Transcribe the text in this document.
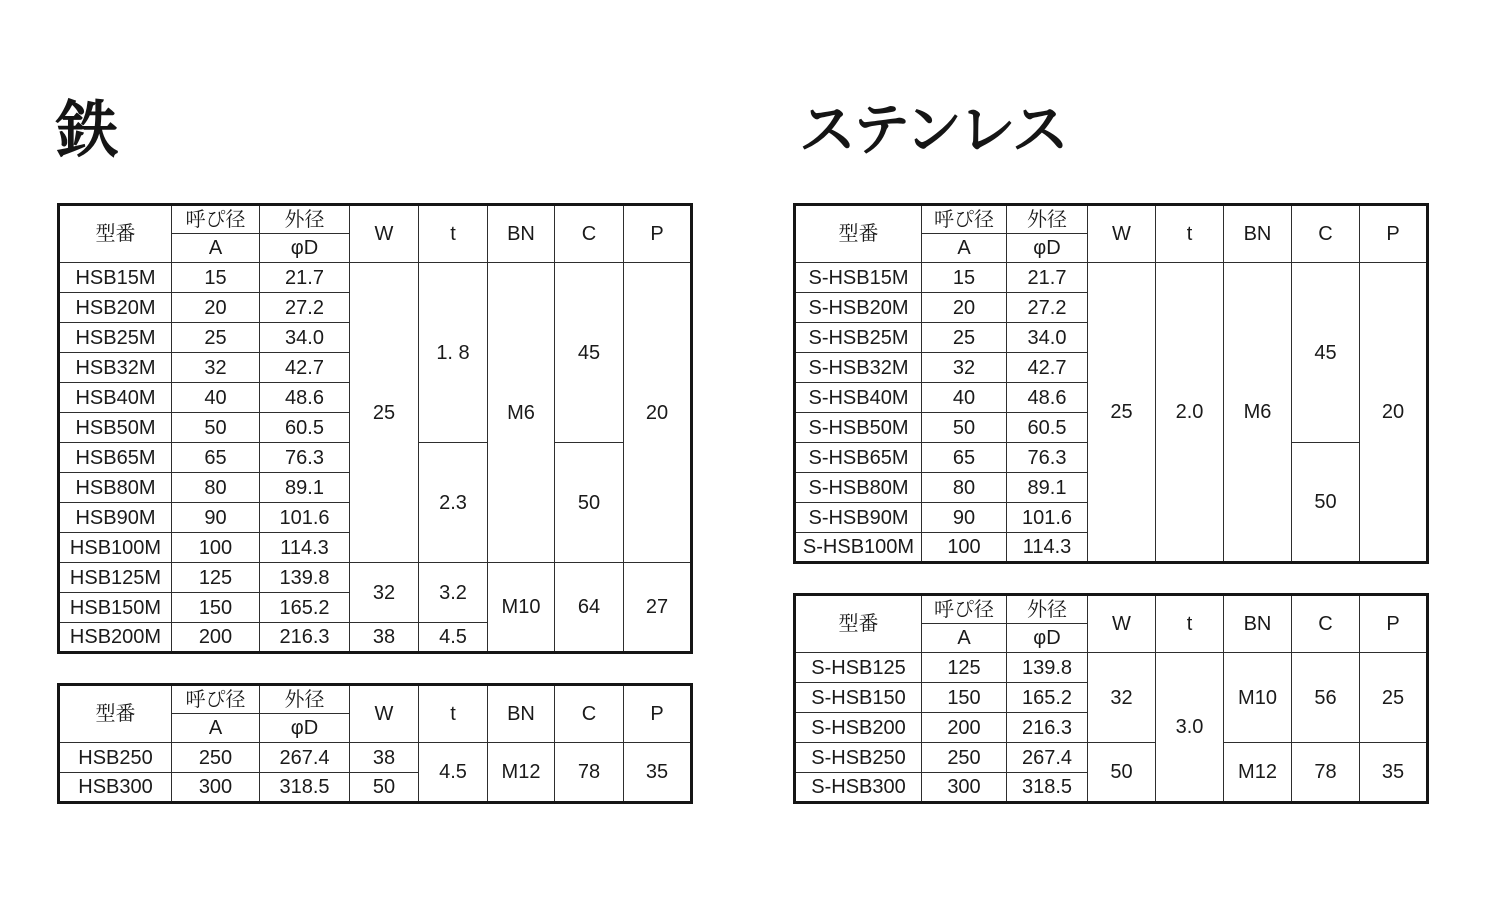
鉄	ステンレス
型番	呼ぴ径	外径	W	t	BN	C	P
	A	φD					
HSB15M	15	21.7	25	1. 8	M6	45	20
HSB20M	20	27.2					
HSB25M	25	34.0					
HSB32M	32	42.7					
HSB40M	40	48.6					
HSB50M	50	60.5					
HSB65M	65	76.3		2.3		50	
HSB80M	80	89.1					
HSB90M	90	101.6					
HSB100M	100	114.3					
HSB125M	125	139.8	32	3.2	M10	64	27
HSB150M	150	165.2					
HSB200M	200	216.3	38	4.5			
型番	呼ぴ径	外径	W	t	BN	C	P
	A	φD					
HSB250	250	267.4	38	4.5	M12	78	35
HSB300	300	318.5	50				
型番	呼ぴ径	外径	W	t	BN	C	P
	A	φD					
S-HSB15M	15	21.7	25	2.0	M6	45	20
S-HSB20M	20	27.2					
S-HSB25M	25	34.0					
S-HSB32M	32	42.7					
S-HSB40M	40	48.6					
S-HSB50M	50	60.5					
S-HSB65M	65	76.3				50	
S-HSB80M	80	89.1					
S-HSB90M	90	101.6					
S-HSB100M	100	114.3					
型番	呼ぴ径	外径	W	t	BN	C	P
	A	φD					
S-HSB125	125	139.8	32	3.0	M10	56	25
S-HSB150	150	165.2					
S-HSB200	200	216.3					
S-HSB250	250	267.4	50		M12	78	35
S-HSB300	300	318.5					
